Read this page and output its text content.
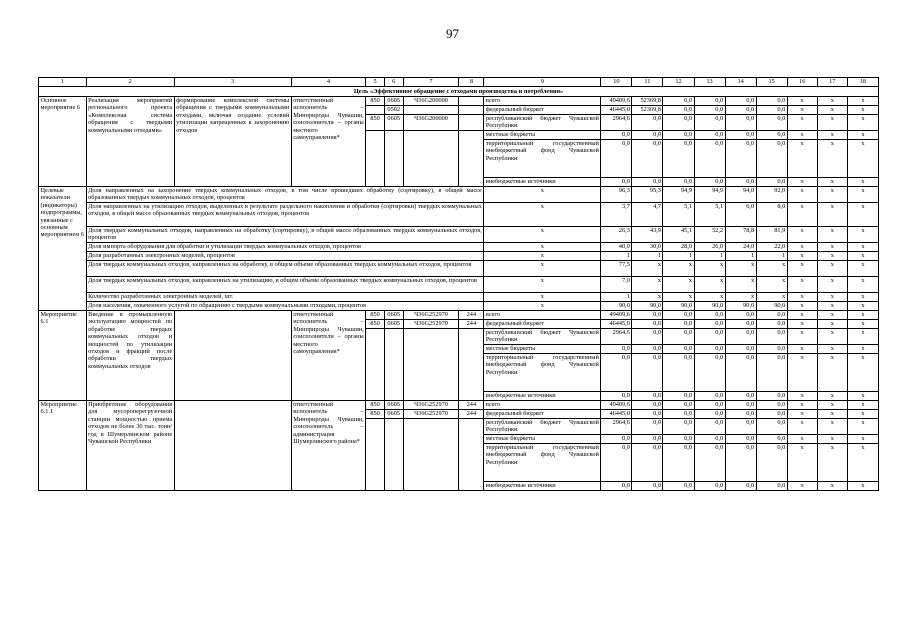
97
1	2	3	4	5	6	7	8	9	10	11	12	13	14	15	16	17	18
Цель «Эффективное обращение с отходами производства и потребления»																	
Основное мероприятие 6	Реализация мероприятий регионального проекта «Комплексная система обращения с твердыми коммунальными отходами»	формирование комплексной системы обращения с твердыми коммунальными отходами, включая создание условий утилизации запрещенных к захоронению отходов	ответственный исполнитель – Минприроды Чувашии, соисполнители – органы местного самоуправления*	850	0605	Ч36G200000		всего	49409,6	52369,8	0,0	0,0	0,0	0,0	х	х	х
					0502			федеральный бюджет	46445,0	52369,8	0,0	0,0	0,0	0,0	х	х	х
				850	0605	Ч36G200000		республиканский бюджет Чувашской Республики	2964,6	0,0	0,0	0,0	0,0	0,0	х	х	х
								местные бюджеты	0,0	0,0	0,0	0,0	0,0	0,0	х	х	х
								территориальный государственный внебюджетный фонд Чувашской Республики	0,0	0,0	0,0	0,0	0,0	0,0	х	х	х
								внебюджетные источники	0,0	0,0	0,0	0,0	0,0	0,0	х	х	х
Целевые показатели (индикаторы) подпрограммы, увязанные с основным мероприятием 6	Доля направленных на захоронение твердых коммунальных отходов, в том числе прошедших обработку (сортировку), в общей массе образованных твердых коммунальных отходов, процентов							х	96,3	95,3	94,9	94,9	94,0	92,0	х	х	х
	Доля направленных на утилизацию отходов, выделенных в результате раздельного накопления и обработки (сортировки) твердых коммунальных отходов, в общей массе образованных твердых коммунальных отходов, процентов							х	3,7	4,7	5,1	5,1	6,0	8,0	х	х	х
	Доля твердых коммунальных отходов, направленных на обработку (сортировку), в общей массе образованных твердых коммунальных отходов, процентов							х	26,3	43,9	45,1	52,2	78,8	81,9	х	х	х
	Доля импорта оборудования для обработки и утилизации твердых коммунальных отходов, процентов							х	40,0	30,0	28,0	26,0	24,0	22,0	х	х	х
	Доля разработанных электронных моделей, процентов							х	1	1	1	1	1	1	х	х	х
	Доля твердых коммунальных отходов, направленных на обработку, в общем объеме образованных твердых коммунальных отходов, процентов							х	77,5	х	х	х	х	х	х	х	х
	Доля твердых коммунальных отходов, направленных на утилизацию, в общем объеме образованных твердых коммунальных отходов, процентов							х	7,0	х	х	х	х	х	х	х	х
	Количество разработанных электронных моделей, шт.							х	1	х	х	х	х	х	х	х	х
	Доля населения, охваченного услугой по обращению с твердыми коммунальными отходами, процентов							х	90,0	90,0	90,0	90,0	90,0	90,0	х	х	х
Мероприятие 6.1	Введение в промышленную эксплуатацию мощностей по обработке твердых коммунальных отходов и мощностей по утилизации отходов и фракций после обработки твердых коммунальных отходов		ответственный исполнитель – Минприроды Чувашии, соисполнители – органы местного самоуправления*	850	0605	Ч36G252970	244	всего	49409,6	0,0	0,0	0,0	0,0	0,0	х	х	х
				850	0605	Ч36G252970	244	федеральный бюджет	46445,0	0,0	0,0	0,0	0,0	0,0	х	х	х
								республиканский бюджет Чувашской Республики	2964,6	0,0	0,0	0,0	0,0	0,0	х	х	х
								местные бюджеты	0,0	0,0	0,0	0,0	0,0	0,0	х	х	х
								территориальный государственный внебюджетный фонд Чувашской Республики	0,0	0,0	0,0	0,0	0,0	0,0	х	х	х
								внебюджетные источники	0,0	0,0	0,0	0,0	0,0	0,0	х	х	х
Мероприятие 6.1.1	Приобретение оборудования для мусороперегрузочной станции мощностью приема отходов не более 30 тыс. тонн/год в Шумерлинском районе Чувашской Республики		ответственный исполнитель – Минприроды Чувашии, соисполнитель – администрация Шумерлинского района*	850	0605	Ч36G252970	244	всего	49409,6	0,0	0,0	0,0	0,0	0,0	х	х	х
				850	0605	Ч36G252970	244	федеральный бюджет	46445,0	0,0	0,0	0,0	0,0	0,0	х	х	х
								республиканский бюджет Чувашской Республики	2964,6	0,0	0,0	0,0	0,0	0,0	х	х	х
								местные бюджеты	0,0	0,0	0,0	0,0	0,0	0,0	х	х	х
								территориальный государственный внебюджетный фонд Чувашской Республики	0,0	0,0	0,0	0,0	0,0	0,0	х	х	х
								внебюджетные источники	0,0	0,0	0,0	0,0	0,0	0,0	х	х	х
